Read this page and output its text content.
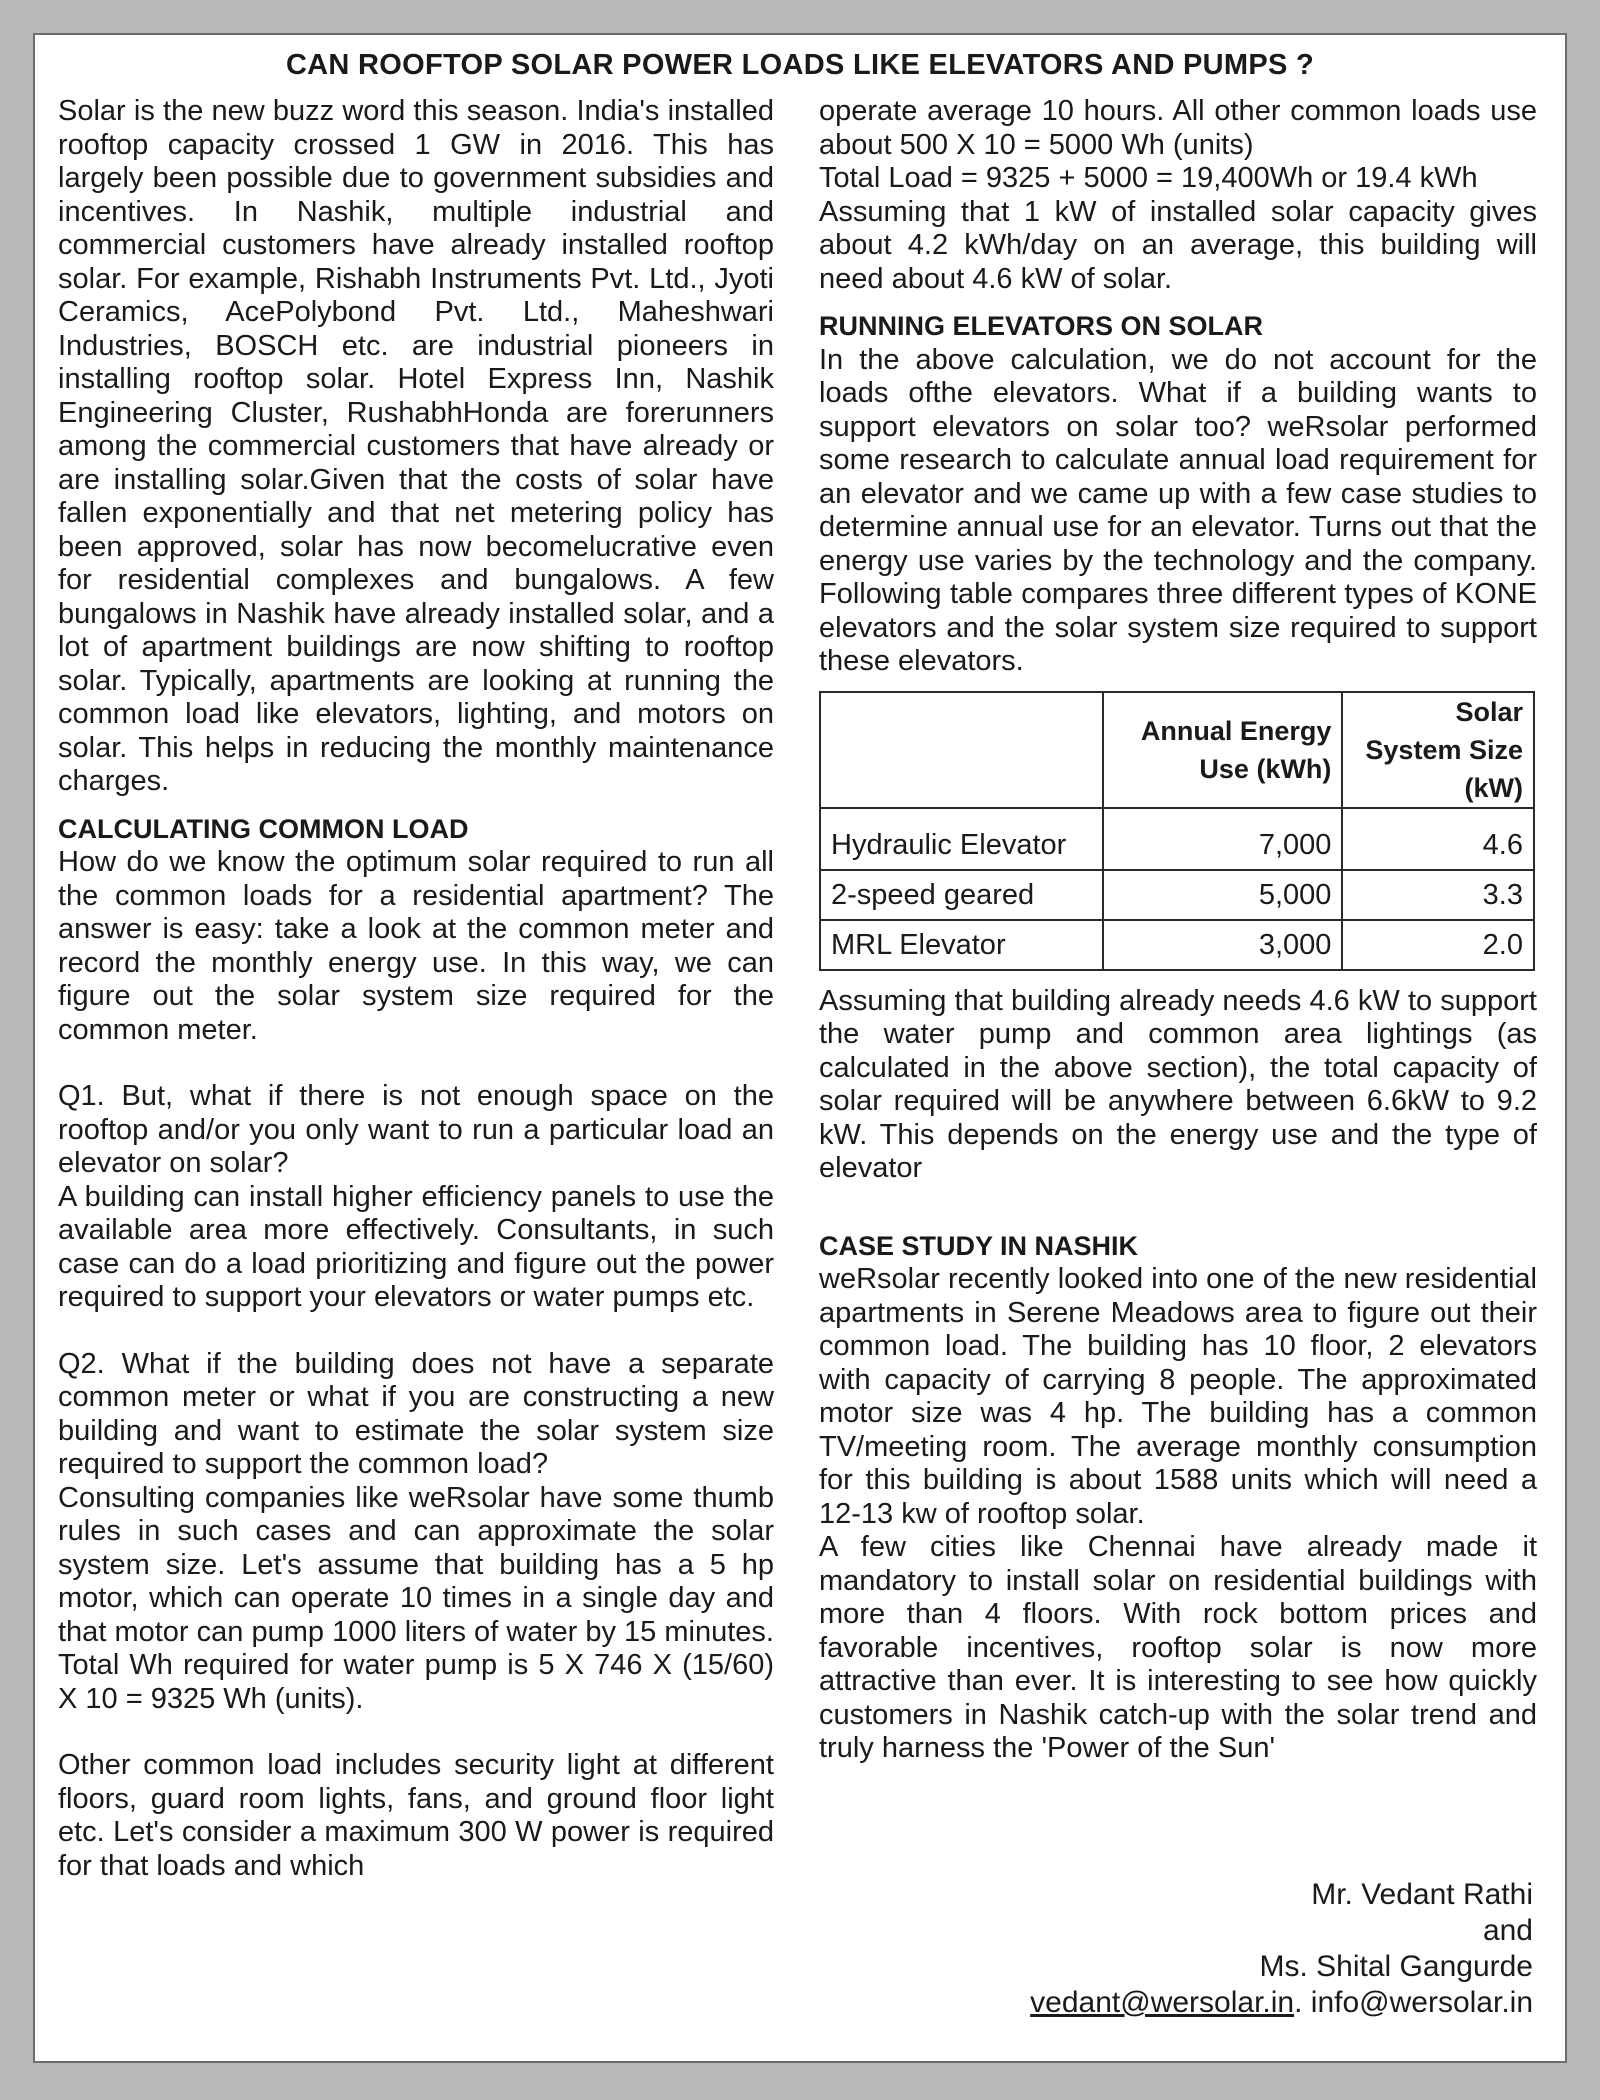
CAN ROOFTOP SOLAR POWER LOADS LIKE ELEVATORS AND PUMPS ?

Solar is the new buzz word this season. India's installed rooftop capacity crossed 1 GW in 2016. This has largely been possible due to government subsidies and incentives. In Nashik, multiple industrial and commercial customers have already installed rooftop solar. For example, Rishabh Instruments Pvt. Ltd., Jyoti Ceramics, AcePolybond Pvt. Ltd., Maheshwari Industries, BOSCH etc. are industrial pioneers in installing rooftop solar. Hotel Express Inn, Nashik Engineering Cluster, RushabhHonda are forerunners among the commercial customers that have already or are installing solar.Given that the costs of solar have fallen exponentially and that net metering policy has been approved, solar has now becomelucrative even for residential complexes and bungalows. A few bungalows in Nashik have already installed solar, and a lot of apartment buildings are now shifting to rooftop solar. Typically, apartments are looking at running the common load like elevators, lighting, and motors on solar. This helps in reducing the monthly maintenance charges.

CALCULATING COMMON LOAD

How do we know the optimum solar required to run all the common loads for a residential apartment? The answer is easy: take a look at the common meter and record the monthly energy use. In this way, we can figure out the solar system size required for the common meter.

Q1. But, what if there is not enough space on the rooftop and/or you only want to run a particular load an elevator on solar?

A building can install higher efficiency panels to use the available area more effectively. Consultants, in such case can do a load prioritizing and figure out the power required to support your elevators or water pumps etc.

Q2. What if the building does not have a separate common meter or what if you are constructing a new building and want to estimate the solar system size required to support the common load?

Consulting companies like weRsolar have some thumb rules in such cases and can approximate the solar system size. Let's assume that building has a 5 hp motor, which can operate 10 times in a single day and that motor can pump 1000 liters of water by 15 minutes. Total Wh required for water pump is 5 X 746 X (15/60) X 10 = 9325 Wh (units).

Other common load includes security light at different floors, guard room lights, fans, and ground floor light etc. Let's consider a maximum 300 W power is required for that loads and which

operate average 10 hours. All other common loads use about 500 X 10 = 5000 Wh (units)

Total Load = 9325 + 5000 = 19,400Wh or 19.4 kWh

Assuming that 1 kW of installed solar capacity gives about 4.2 kWh/day on an average, this building will need about 4.6 kW of solar.

RUNNING ELEVATORS ON SOLAR

In the above calculation, we do not account for the loads ofthe elevators. What if a building wants to support elevators on solar too? weRsolar performed some research to calculate annual load requirement for an elevator and we came up with a few case studies to determine annual use for an elevator. Turns out that the energy use varies by the technology and the company. Following table compares three different types of KONE elevators and the solar system size required to support these elevators.

	Annual Energy Use (kWh)	Solar System Size (kW)
Hydraulic Elevator	7,000	4.6
2-speed geared	5,000	3.3
MRL Elevator	3,000	2.0

Assuming that building already needs 4.6 kW to support the water pump and common area lightings (as calculated in the above section), the total capacity of solar required will be anywhere between 6.6kW to 9.2 kW. This depends on the energy use and the type of elevator

CASE STUDY IN NASHIK

weRsolar recently looked into one of the new residential apartments in Serene Meadows area to figure out their common load. The building has 10 floor, 2 elevators with capacity of carrying 8 people. The approximated motor size was 4 hp. The building has a common TV/meeting room. The average monthly consumption for this building is about 1588 units which will need a 12-13 kw of rooftop solar.

A few cities like Chennai have already made it mandatory to install solar on residential buildings with more than 4 floors. With rock bottom prices and favorable incentives, rooftop solar is now more attractive than ever. It is interesting to see how quickly customers in Nashik catch-up with the solar trend and truly harness the 'Power of the Sun'

Mr. Vedant Rathi
and
Ms. Shital Gangurde
vedant@wersolar.in. info@wersolar.in
